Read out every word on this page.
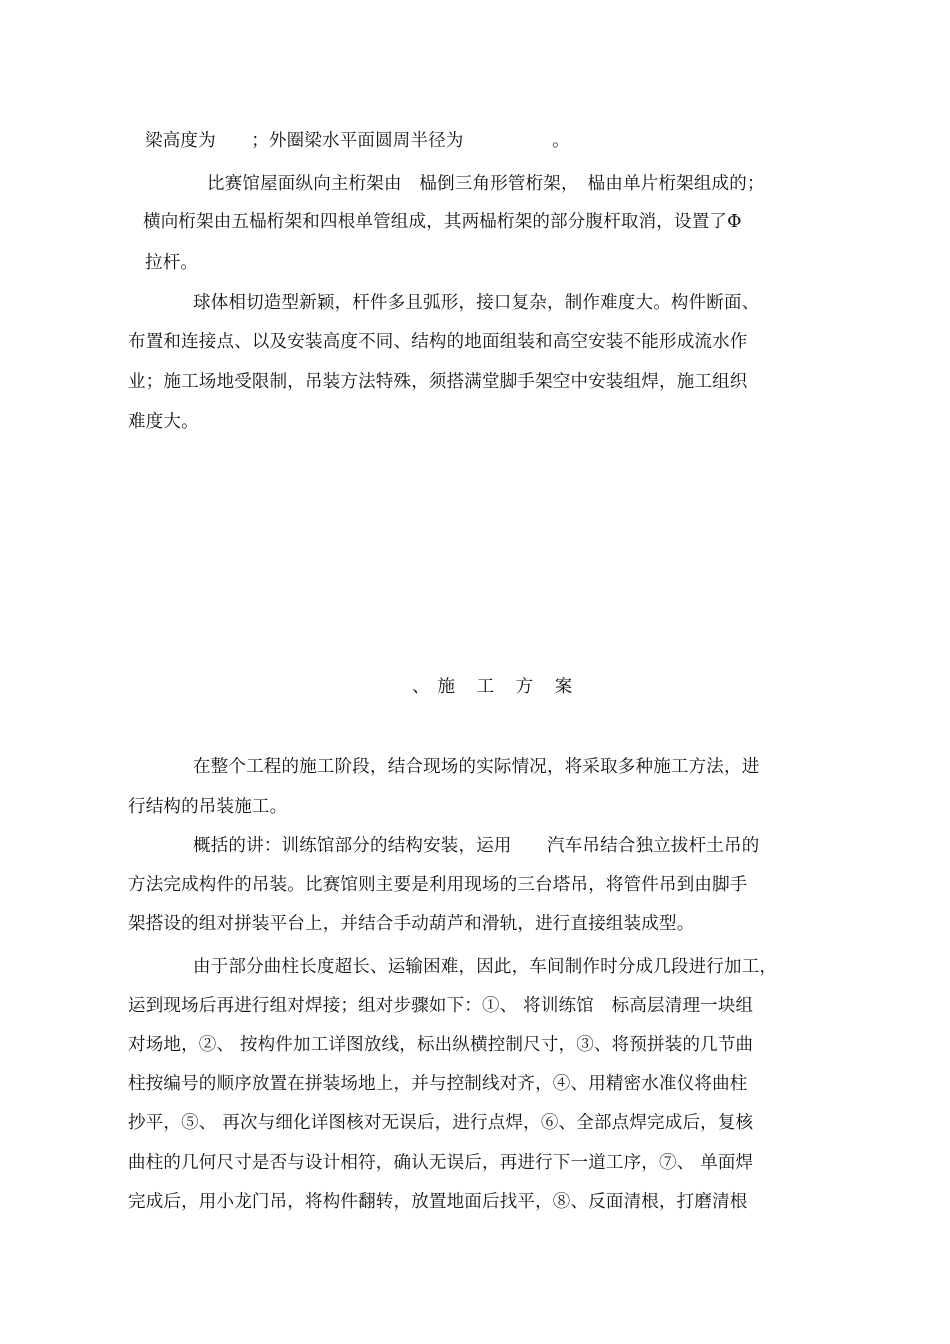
梁高度为　　；外圈梁水平面圆周半径为　　　　　。
比赛馆屋面纵向主桁架由　榀倒三角形管桁架，　榀由单片桁架组成的；
横向桁架由五榀桁架和四根单管组成，其两榀桁架的部分腹杆取消，设置了Φ
拉杆。
球体相切造型新颖，杆件多且弧形，接口复杂，制作难度大。构件断面、
布置和连接点、以及安装高度不同、结构的地面组装和高空安装不能形成流水作
业；施工场地受限制，吊装方法特殊，须搭满堂脚手架空中安装组焊，施工组织
难度大。
、施 工 方 案
在整个工程的施工阶段，结合现场的实际情况，将采取多种施工方法，进
行结构的吊装施工。
概括的讲：训练馆部分的结构安装，运用　　汽车吊结合独立拔杆土吊的
方法完成构件的吊装。比赛馆则主要是利用现场的三台塔吊，将管件吊到由脚手
架搭设的组对拼装平台上，并结合手动葫芦和滑轨，进行直接组装成型。
由于部分曲柱长度超长、运输困难，因此，车间制作时分成几段进行加工，
运到现场后再进行组对焊接；组对步骤如下：①、 将训练馆　标高层清理一块组
对场地，②、 按构件加工详图放线，标出纵横控制尺寸，③、将预拼装的几节曲
柱按编号的顺序放置在拼装场地上，并与控制线对齐，④、用精密水准仪将曲柱
抄平，⑤、 再次与细化详图核对无误后，进行点焊，⑥、全部点焊完成后，复核
曲柱的几何尺寸是否与设计相符，确认无误后，再进行下一道工序，⑦、 单面焊
完成后，用小龙门吊，将构件翻转，放置地面后找平，⑧、反面清根，打磨清根
